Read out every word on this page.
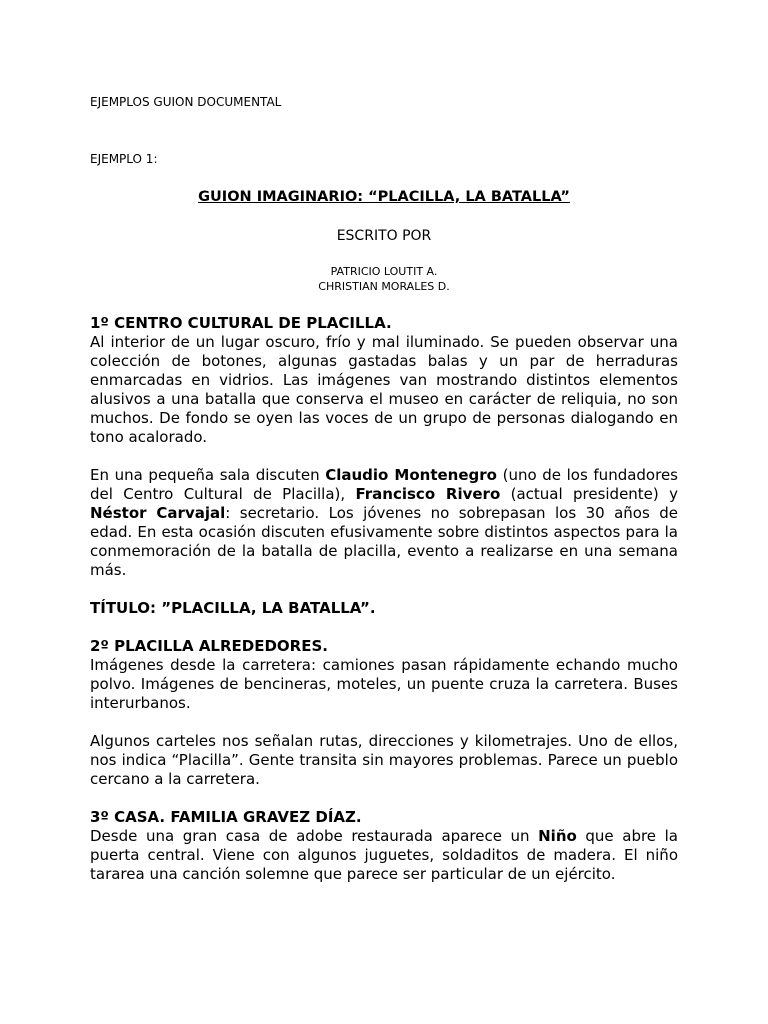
EJEMPLOS GUION DOCUMENTAL

EJEMPLO 1:

GUION IMAGINARIO: “PLACILLA, LA BATALLA”

ESCRITO POR

PATRICIO LOUTIT A.
CHRISTIAN MORALES D.

1º CENTRO CULTURAL DE PLACILLA.

Al interior de un lugar oscuro, frío y mal iluminado. Se pueden observar una colección de botones, algunas gastadas balas y un par de herraduras enmarcadas en vidrios. Las imágenes van mostrando distintos elementos alusivos a una batalla que conserva el museo en carácter de reliquia, no son muchos. De fondo se oyen las voces de un grupo de personas dialogando en tono acalorado.

En una pequeña sala discuten Claudio Montenegro (uno de los fundadores del Centro Cultural de Placilla), Francisco Rivero (actual presidente) y Néstor Carvajal: secretario. Los jóvenes no sobrepasan los 30 años de edad. En esta ocasión discuten efusivamente sobre distintos aspectos para la conmemoración de la batalla de placilla, evento a realizarse en una semana más.

TÍTULO: ”PLACILLA, LA BATALLA”.
2º PLACILLA ALREDEDORES.

Imágenes desde la carretera: camiones pasan rápidamente echando mucho polvo. Imágenes de bencineras, moteles, un puente cruza la carretera. Buses interurbanos.

Algunos carteles nos señalan rutas, direcciones y kilometrajes. Uno de ellos, nos indica “Placilla”. Gente transita sin mayores problemas. Parece un pueblo cercano a la carretera.

3º CASA. FAMILIA GRAVEZ DÍAZ.

Desde una gran casa de adobe restaurada aparece un Niño que abre la puerta central. Viene con algunos juguetes, soldaditos de madera. El niño tararea una canción solemne que parece ser particular de un ejército.
